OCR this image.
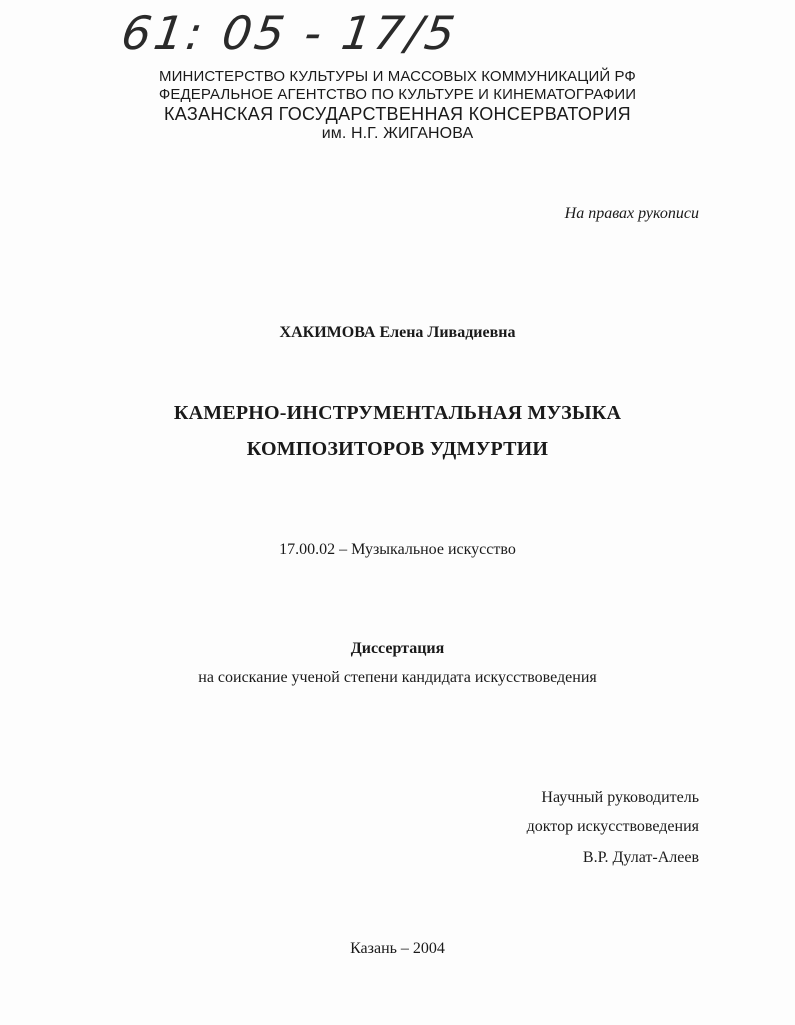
61: 05 - 17/5
МИНИСТЕРСТВО КУЛЬТУРЫ И МАССОВЫХ КОММУНИКАЦИЙ РФ
ФЕДЕРАЛЬНОЕ АГЕНТСТВО ПО КУЛЬТУРЕ И КИНЕМАТОГРАФИИ
КАЗАНСКАЯ ГОСУДАРСТВЕННАЯ КОНСЕРВАТОРИЯ
им. Н.Г. ЖИГАНОВА
На правах рукописи
ХАКИМОВА Елена Ливадиевна
КАМЕРНО-ИНСТРУМЕНТАЛЬНАЯ МУЗЫКА
КОМПОЗИТОРОВ УДМУРТИИ
17.00.02 – Музыкальное искусство
Диссертация
на соискание ученой степени кандидата искусствоведения
Научный руководитель
доктор искусствоведения
В.Р. Дулат-Алеев
Казань – 2004
